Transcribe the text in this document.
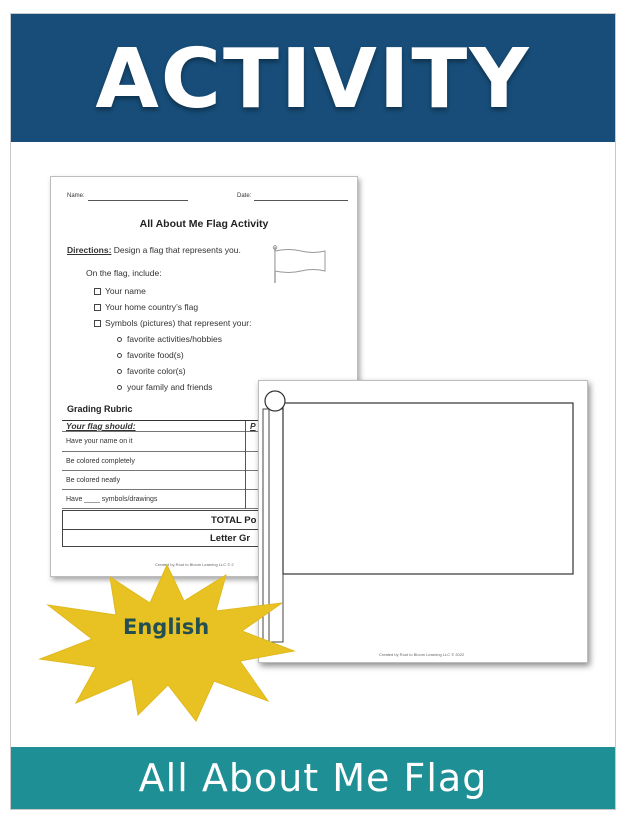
ACTIVITY
Name:	Date:
All About Me Flag Activity
Directions: Design a flag that represents you.
On the flag, include:
Your name
Your home country’s flag
Symbols (pictures) that represent your:
favorite activities/hobbies
favorite food(s)
favorite color(s)
your family and friends
Grading Rubric
Your flag should:	P
Have your name on it
Be colored completely
Be colored neatly
Have ____ symbols/drawings
TOTAL Po
Letter Gr
Created by Root to Bloom Learning LLC © 2
Created by Root to Bloom Learning LLC © 2022
English
All About Me Flag
